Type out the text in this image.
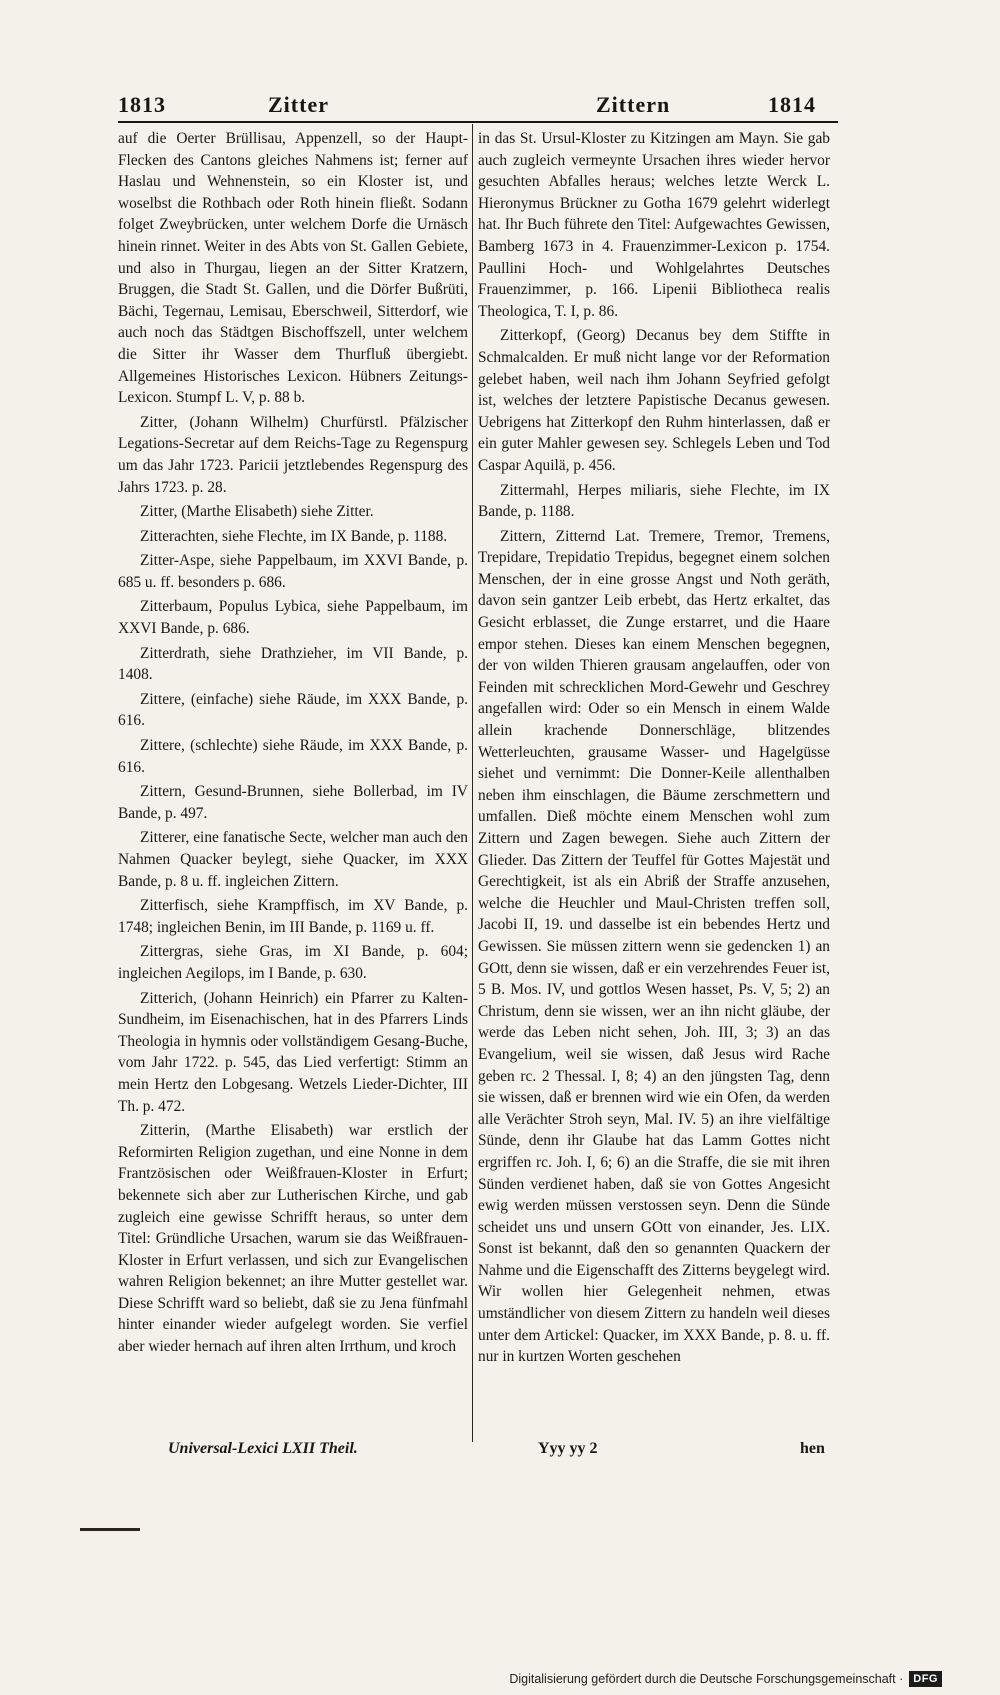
1813	Zitter	Zittern	1814

auf die Oerter Brüllisau, Appenzell, so der Haupt-Flecken des Cantons gleiches Nahmens ist; ferner auf Haslau und Wehnenstein, so ein Kloster ist, und woselbst die Rothbach oder Roth hinein fließt. Sodann folget Zweybrücken, unter welchem Dorfe die Urnäsch hinein rinnet. Weiter in des Abts von St. Gallen Gebiete, und also in Thurgau, liegen an der Sitter Kratzern, Bruggen, die Stadt St. Gallen, und die Dörfer Bußrüti, Bächi, Tegernau, Lemisau, Eberschweil, Sitterdorf, wie auch noch das Städtgen Bischoffszell, unter welchem die Sitter ihr Wasser dem Thurfluß übergiebt. Allgemeines Historisches Lexicon. Hübners Zeitungs-Lexicon. Stumpf L. V, p. 88 b.

Zitter, (Johann Wilhelm) Churfürstl. Pfälzischer Legations-Secretar auf dem Reichs-Tage zu Regenspurg um das Jahr 1723. Paricii jetztlebendes Regenspurg des Jahrs 1723. p. 28.

Zitter, (Marthe Elisabeth) siehe Zitter.

Zitterachten, siehe Flechte, im IX Bande, p. 1188.

Zitter-Aspe, siehe Pappelbaum, im XXVI Bande, p. 685 u. ff. besonders p. 686.

Zitterbaum, Populus Lybica, siehe Pappelbaum, im XXVI Bande, p. 686.

Zitterdrath, siehe Drathzieher, im VII Bande, p. 1408.

Zittere, (einfache) siehe Räude, im XXX Bande, p. 616.

Zittere, (schlechte) siehe Räude, im XXX Bande, p. 616.

Zittern, Gesund-Brunnen, siehe Bollerbad, im IV Bande, p. 497.

Zitterer, eine fanatische Secte, welcher man auch den Nahmen Quacker beylegt, siehe Quacker, im XXX Bande, p. 8 u. ff. ingleichen Zittern.

Zitterfisch, siehe Krampffisch, im XV Bande, p. 1748; ingleichen Benin, im III Bande, p. 1169 u. ff.

Zittergras, siehe Gras, im XI Bande, p. 604; ingleichen Aegilops, im I Bande, p. 630.

Zitterich, (Johann Heinrich) ein Pfarrer zu Kalten-Sundheim, im Eisenachischen, hat in des Pfarrers Linds Theologia in hymnis oder vollständigem Gesang-Buche, vom Jahr 1722. p. 545, das Lied verfertigt: Stimm an mein Hertz den Lobgesang. Wetzels Lieder-Dichter, III Th. p. 472.

Zitterin, (Marthe Elisabeth) war erstlich der Reformirten Religion zugethan, und eine Nonne in dem Frantzösischen oder Weißfrauen-Kloster in Erfurt; bekennete sich aber zur Lutherischen Kirche, und gab zugleich eine gewisse Schrifft heraus, so unter dem Titel: Gründliche Ursachen, warum sie das Weißfrauen-Kloster in Erfurt verlassen, und sich zur Evangelischen wahren Religion bekennet; an ihre Mutter gestellet war. Diese Schrifft ward so beliebt, daß sie zu Jena fünfmahl hinter einander wieder aufgelegt worden. Sie verfiel aber wieder hernach auf ihren alten Irrthum, und kroch

in das St. Ursul-Kloster zu Kitzingen am Mayn. Sie gab auch zugleich vermeynte Ursachen ihres wieder hervor gesuchten Abfalles heraus; welches letzte Werck L. Hieronymus Brückner zu Gotha 1679 gelehrt widerlegt hat. Ihr Buch führete den Titel: Aufgewachtes Gewissen, Bamberg 1673 in 4. Frauenzimmer-Lexicon p. 1754. Paullini Hoch- und Wohlgelahrtes Deutsches Frauenzimmer, p. 166. Lipenii Bibliotheca realis Theologica, T. I, p. 86.

Zitterkopf, (Georg) Decanus bey dem Stiffte in Schmalcalden. Er muß nicht lange vor der Reformation gelebet haben, weil nach ihm Johann Seyfried gefolgt ist, welches der letztere Papistische Decanus gewesen. Uebrigens hat Zitterkopf den Ruhm hinterlassen, daß er ein guter Mahler gewesen sey. Schlegels Leben und Tod Caspar Aquilä, p. 456.

Zittermahl, Herpes miliaris, siehe Flechte, im IX Bande, p. 1188.

Zittern, Zitternd Lat. Tremere, Tremor, Tremens, Trepidare, Trepidatio Trepidus, begegnet einem solchen Menschen, der in eine grosse Angst und Noth geräth, davon sein gantzer Leib erbebt, das Hertz erkaltet, das Gesicht erblasset, die Zunge erstarret, und die Haare empor stehen. Dieses kan einem Menschen begegnen, der von wilden Thieren grausam angelauffen, oder von Feinden mit schrecklichen Mord-Gewehr und Geschrey angefallen wird: Oder so ein Mensch in einem Walde allein krachende Donnerschläge, blitzendes Wetterleuchten, grausame Wasser- und Hagelgüsse siehet und vernimmt: Die Donner-Keile allenthalben neben ihm einschlagen, die Bäume zerschmettern und umfallen. Dieß möchte einem Menschen wohl zum Zittern und Zagen bewegen. Siehe auch Zittern der Glieder. Das Zittern der Teuffel für Gottes Majestät und Gerechtigkeit, ist als ein Abriß der Straffe anzusehen, welche die Heuchler und Maul-Christen treffen soll, Jacobi II, 19. und dasselbe ist ein bebendes Hertz und Gewissen. Sie müssen zittern wenn sie gedencken 1) an GOtt, denn sie wissen, daß er ein verzehrendes Feuer ist, 5 B. Mos. IV, und gottlos Wesen hasset, Ps. V, 5; 2) an Christum, denn sie wissen, wer an ihn nicht gläube, der werde das Leben nicht sehen, Joh. III, 3; 3) an das Evangelium, weil sie wissen, daß Jesus wird Rache geben rc. 2 Thessal. I, 8; 4) an den jüngsten Tag, denn sie wissen, daß er brennen wird wie ein Ofen, da werden alle Verächter Stroh seyn, Mal. IV. 5) an ihre vielfältige Sünde, denn ihr Glaube hat das Lamm Gottes nicht ergriffen rc. Joh. I, 6; 6) an die Straffe, die sie mit ihren Sünden verdienet haben, daß sie von Gottes Angesicht ewig werden müssen verstossen seyn. Denn die Sünde scheidet uns und unsern GOtt von einander, Jes. LIX. Sonst ist bekannt, daß den so genannten Quackern der Nahme und die Eigenschafft des Zitterns beygelegt wird. Wir wollen hier Gelegenheit nehmen, etwas umständlicher von diesem Zittern zu handeln weil dieses unter dem Artickel: Quacker, im XXX Bande, p. 8. u. ff. nur in kurtzen Worten geschehen

Universal-Lexici LXII Theil.	Yyy yy 2	hen
Digitalisierung gefördert durch die Deutsche Forschungsgemeinschaft · DFG
